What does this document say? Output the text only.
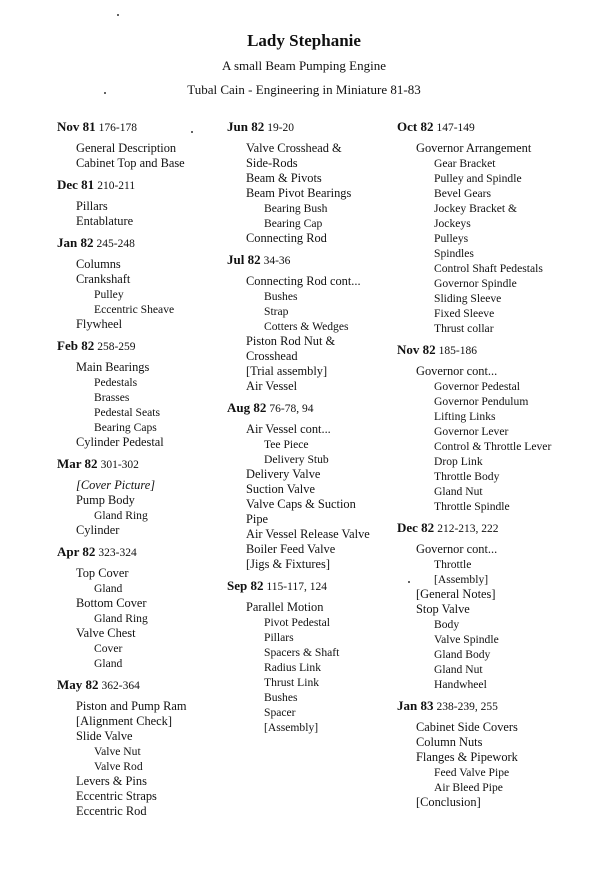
Lady Stephanie
A small Beam Pumping Engine
Tubal Cain - Engineering in Miniature 81-83
Nov 81 176-178
General Description
Cabinet Top and Base
Dec 81 210-211
Pillars
Entablature
Jan 82 245-248
Columns
Crankshaft
Pulley
Eccentric Sheave
Flywheel
Feb 82 258-259
Main Bearings
Pedestals
Brasses
Pedestal Seats
Bearing Caps
Cylinder Pedestal
Mar 82 301-302
[Cover Picture]
Pump Body
Gland Ring
Cylinder
Apr 82 323-324
Top Cover
Gland
Bottom Cover
Gland Ring
Valve Chest
Cover
Gland
May 82 362-364
Piston and Pump Ram
[Alignment Check]
Slide Valve
Valve Nut
Valve Rod
Levers & Pins
Eccentric Straps
Eccentric Rod
Jun 82 19-20
Valve Crosshead &
Side-Rods
Beam & Pivots
Beam Pivot Bearings
Bearing Bush
Bearing Cap
Connecting Rod
Jul 82 34-36
Connecting Rod cont...
Bushes
Strap
Cotters & Wedges
Piston Rod Nut &
Crosshead
[Trial assembly]
Air Vessel
Aug 82 76-78, 94
Air Vessel cont...
Tee Piece
Delivery Stub
Delivery Valve
Suction Valve
Valve Caps & Suction
Pipe
Air Vessel Release Valve
Boiler Feed Valve
[Jigs & Fixtures]
Sep 82 115-117, 124
Parallel Motion
Pivot Pedestal
Pillars
Spacers & Shaft
Radius Link
Thrust Link
Bushes
Spacer
[Assembly]
Oct 82 147-149
Governor Arrangement
Gear Bracket
Pulley and Spindle
Bevel Gears
Jockey Bracket &
Jockeys
Pulleys
Spindles
Control Shaft Pedestals
Governor Spindle
Sliding Sleeve
Fixed Sleeve
Thrust collar
Nov 82 185-186
Governor cont...
Governor Pedestal
Governor Pendulum
Lifting Links
Governor Lever
Control & Throttle Lever
Drop Link
Throttle Body
Gland Nut
Throttle Spindle
Dec 82 212-213, 222
Governor cont...
Throttle
[Assembly]
[General Notes]
Stop Valve
Body
Valve Spindle
Gland Body
Gland Nut
Handwheel
Jan 83 238-239, 255
Cabinet Side Covers
Column Nuts
Flanges & Pipework
Feed Valve Pipe
Air Bleed Pipe
[Conclusion]
